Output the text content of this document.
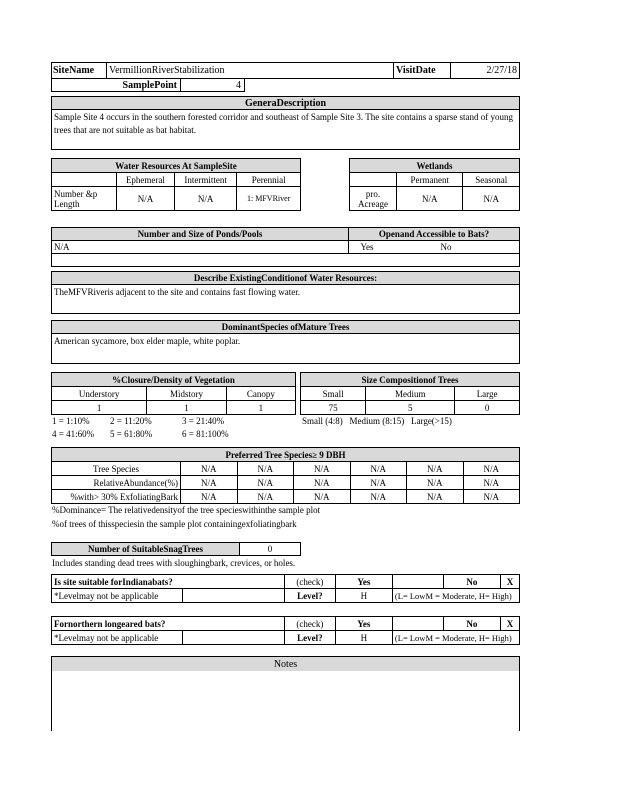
SiteName	VermillionRiverStabilization	VisitDate	2/27/18
SamplePoint	4
GeneraDescription
Sample Site 4 occurs in the southern forested corridor and southeast of Sample Site 3. The site contains a sparse stand of young trees that are not suitable as bat habitat.
Water Resources At SampleSite			
	Ephemeral	Intermittent	Perennial
Number &p Length	N/A	N/A	1: MFVRiver
Wetlands		
	Permanent	Seasonal
pro. Acreage	N/A	N/A
Number and Size of Ponds/Pools	Openand Accessible to Bats?
N/A	Yes	No
Describe ExistingConditionof Water Resources:
TheMFVRiveris adjacent to the site and contains fast flowing water.
DominantSpecies ofMature Trees
American sycamore, box elder maple, white poplar.
%Closure/Density of Vegetation		
Understory	Midstory	Canopy
1	1	1
1 = 1:10% 2 = 11:20%	3 = 21:40%
4 = 41:60% 5 = 61:80%	6 = 81:100%
Size Compositionof Trees		
Small	Medium	Large
75	5	0
Small (4:8)   Medium (8:15)   Large(>15)
Preferred Tree Species≥ 9 DBH						
Tree Species	N/A	N/A	N/A	N/A	N/A	N/A
RelativeAbundance(%)	N/A	N/A	N/A	N/A	N/A	N/A
%with> 30% ExfoliatingBark	N/A	N/A	N/A	N/A	N/A	N/A
%Dominance= The relativedensityof the tree specieswithinthe sample plot
%of trees of thisspeciesin the sample plot containingexfoliatingbark
Number of SuitableSnagTrees	0
Includes standing dead trees with sloughingbark, crevices, or holes.
Is site suitable forIndianabats?		(check)	Yes		No	X
*Levelmay not be applicable		Level?	H	(L= LowM = Moderate, H= High)		
Fornorthern longeared bats?		(check)	Yes		No	X
*Levelmay not be applicable		Level?	H	(L= LowM = Moderate, H= High)		
Notes
